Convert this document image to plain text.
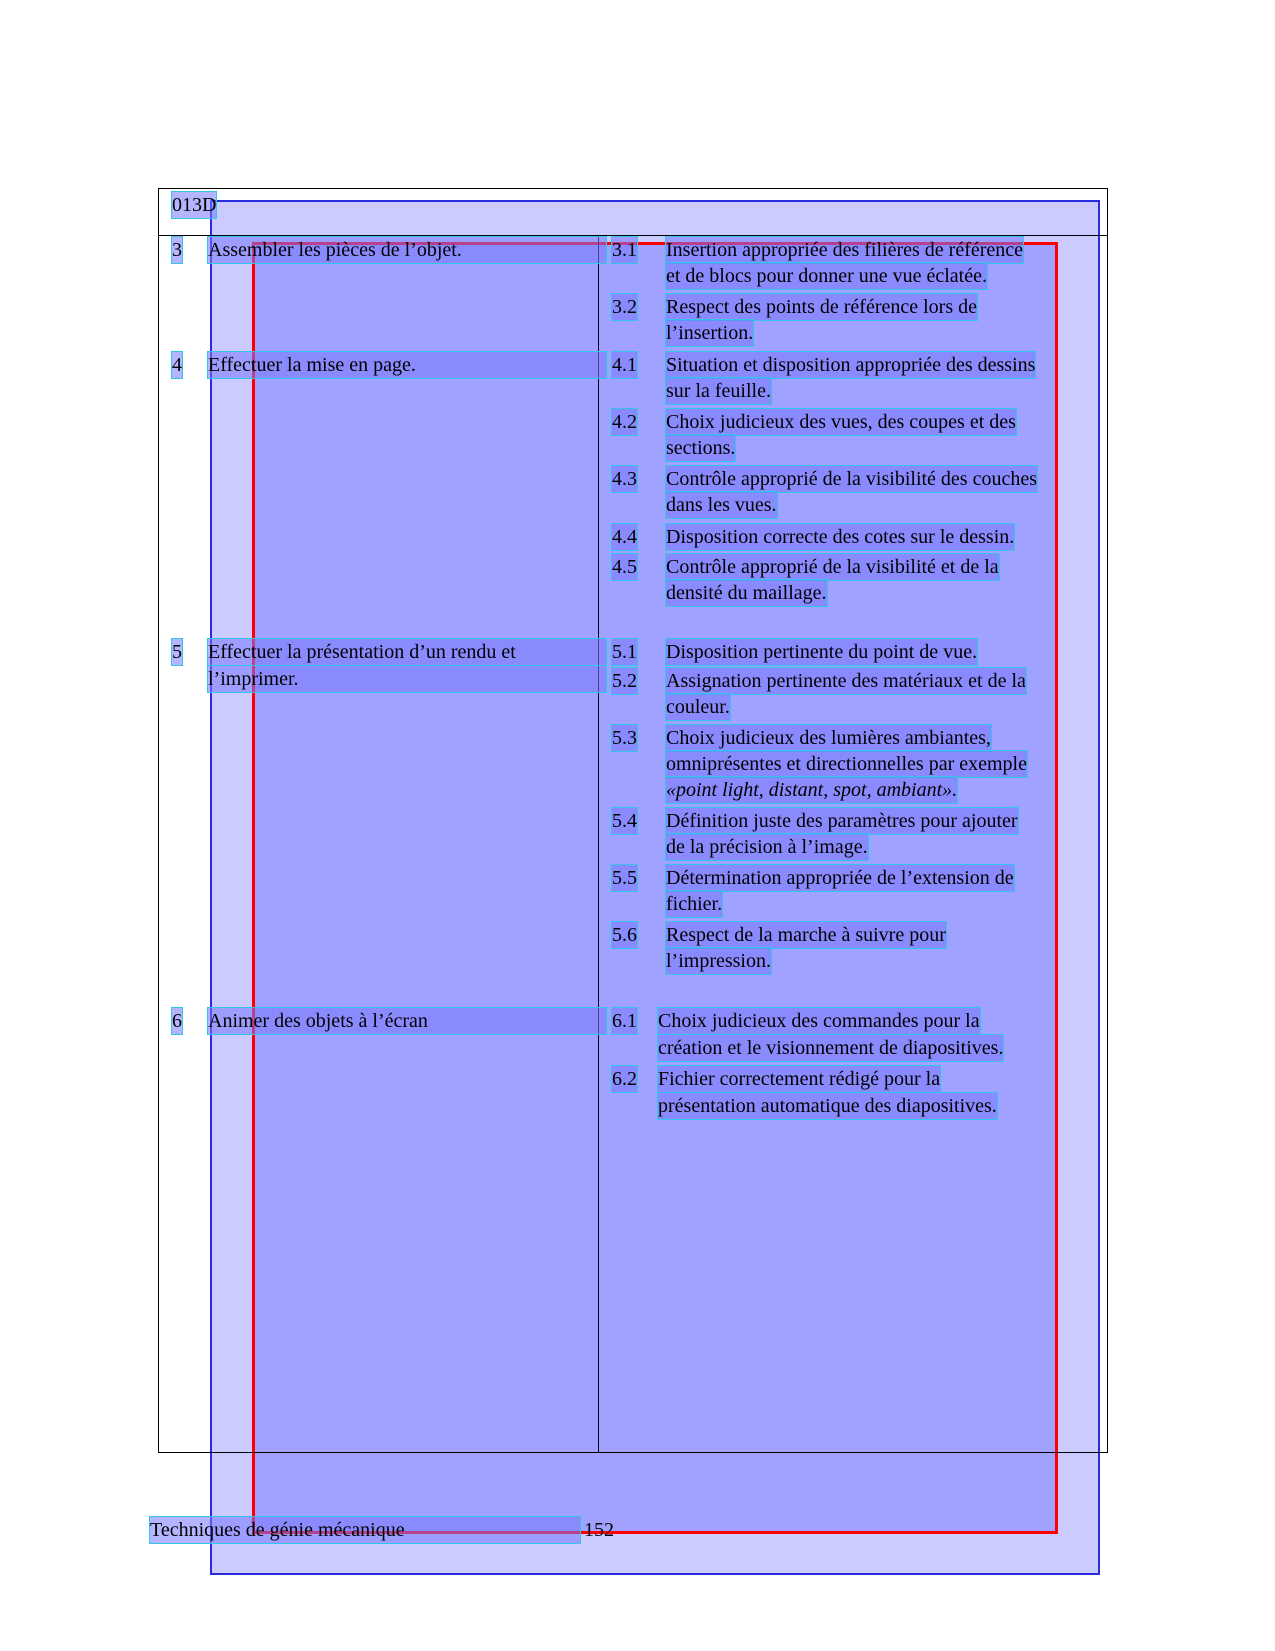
013D
3 Assembler les pièces de l’objet.
4 Effectuer la mise en page.
5 Effectuer la présentation d’un rendu et
l’imprimer.
6 Animer des objets à l’écran
3.1 Insertion appropriée des filières de référence
et de blocs pour donner une vue éclatée.
3.2 Respect des points de référence lors de
l’insertion.
4.1 Situation et disposition appropriée des dessins
sur la feuille.
4.2 Choix judicieux des vues, des coupes et des
sections.
4.3 Contrôle approprié de la visibilité des couches
dans les vues.
4.4 Disposition correcte des cotes sur le dessin.
4.5 Contrôle approprié de la visibilité et de la
densité du maillage.
5.1 Disposition pertinente du point de vue.
5.2 Assignation pertinente des matériaux et de la
couleur.
5.3 Choix judicieux des lumières ambiantes,
omniprésentes et directionnelles par exemple
«point light, distant, spot, ambiant».
5.4 Définition juste des paramètres pour ajouter
de la précision à l’image.
5.5 Détermination appropriée de l’extension de
fichier.
5.6 Respect de la marche à suivre pour
l’impression.
6.1 Choix judicieux des commandes pour la
création et le visionnement de diapositives.
6.2 Fichier correctement rédigé pour la
présentation automatique des diapositives.
Techniques de génie mécanique	152
